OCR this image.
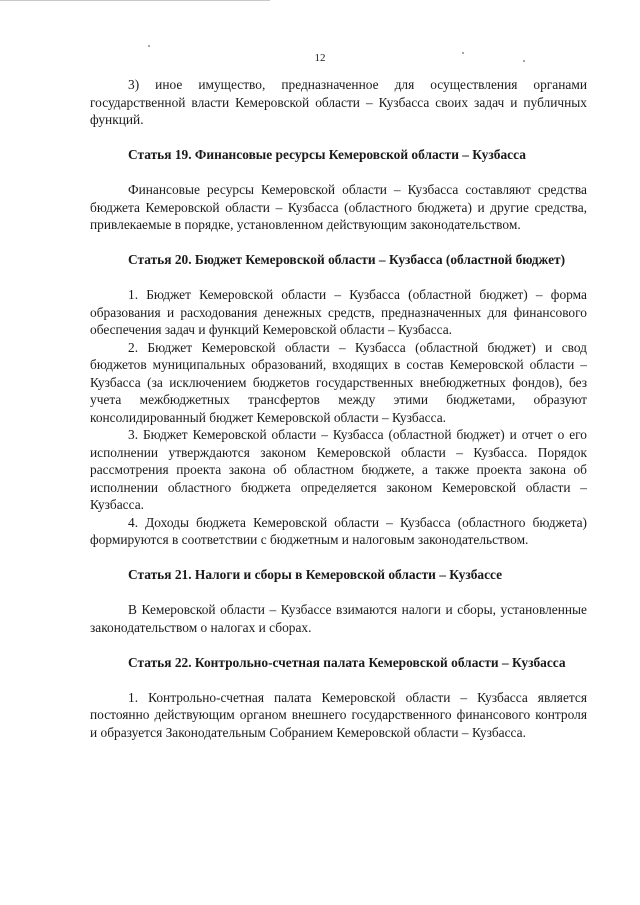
12

3) иное имущество, предназначенное для осуществления органами государственной власти Кемеровской области – Кузбасса своих задач и публичных функций.

Статья 19. Финансовые ресурсы Кемеровской области – Кузбасса

Финансовые ресурсы Кемеровской области – Кузбасса составляют средства бюджета Кемеровской области – Кузбасса (областного бюджета) и другие средства, привлекаемые в порядке, установленном действующим законодательством.

Статья 20. Бюджет Кемеровской области – Кузбасса (областной бюджет)

1. Бюджет Кемеровской области – Кузбасса (областной бюджет) – форма образования и расходования денежных средств, предназначенных для финансового обеспечения задач и функций Кемеровской области – Кузбасса.

2. Бюджет Кемеровской области – Кузбасса (областной бюджет) и свод бюджетов муниципальных образований, входящих в состав Кемеровской области – Кузбасса (за исключением бюджетов государственных внебюджетных фондов), без учета межбюджетных трансфертов между этими бюджетами, образуют консолидированный бюджет Кемеровской области – Кузбасса.

3. Бюджет Кемеровской области – Кузбасса (областной бюджет) и отчет о его исполнении утверждаются законом Кемеровской области – Кузбасса. Порядок рассмотрения проекта закона об областном бюджете, а также проекта закона об исполнении областного бюджета определяется законом Кемеровской области – Кузбасса.

4. Доходы бюджета Кемеровской области – Кузбасса (областного бюджета) формируются в соответствии с бюджетным и налоговым законодательством.

Статья 21. Налоги и сборы в Кемеровской области – Кузбассе

В Кемеровской области – Кузбассе взимаются налоги и сборы, установленные законодательством о налогах и сборах.

Статья 22. Контрольно-счетная палата Кемеровской области – Кузбасса

1. Контрольно-счетная палата Кемеровской области – Кузбасса является постоянно действующим органом внешнего государственного финансового контроля и образуется Законодательным Собранием Кемеровской области – Кузбасса.
